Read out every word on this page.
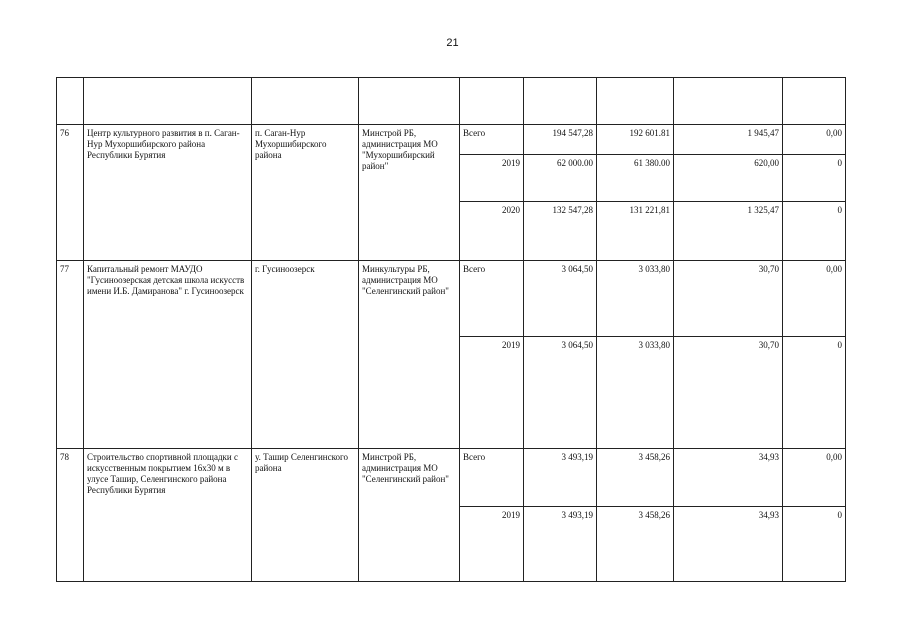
21

76	Центр культурного развития в п. Саган-Нур Мухоршибирского района Республики Бурятия	п. Саган-Нур Мухоршибирского района	Минстрой РБ, администрация МО "Мухоршибирский район"	Всего	194 547,28	192 601.81	1 945,47	0,00
				2019	62 000.00	61 380.00	620,00	0
				2020	132 547,28	131 221,81	1 325,47	0
77	Капитальный ремонт МАУДО "Гусиноозерская детская школа искусств имени И.Б. Дамиранова" г. Гусиноозерск	г. Гусиноозерск	Минкультуры РБ, администрация МО "Селенгинский район"	Всего	3 064,50	3 033,80	30,70	0,00
				2019	3 064,50	3 033,80	30,70	0
78	Строительство спортивной площадки с искусственным покрытием 16х30 м в улусе Ташир, Селенгинского района Республики Бурятия	у. Ташир Селенгинского района	Минстрой РБ, администрация МО "Селенгинский район"	Всего	3 493,19	3 458,26	34,93	0,00
				2019	3 493,19	3 458,26	34,93	0
